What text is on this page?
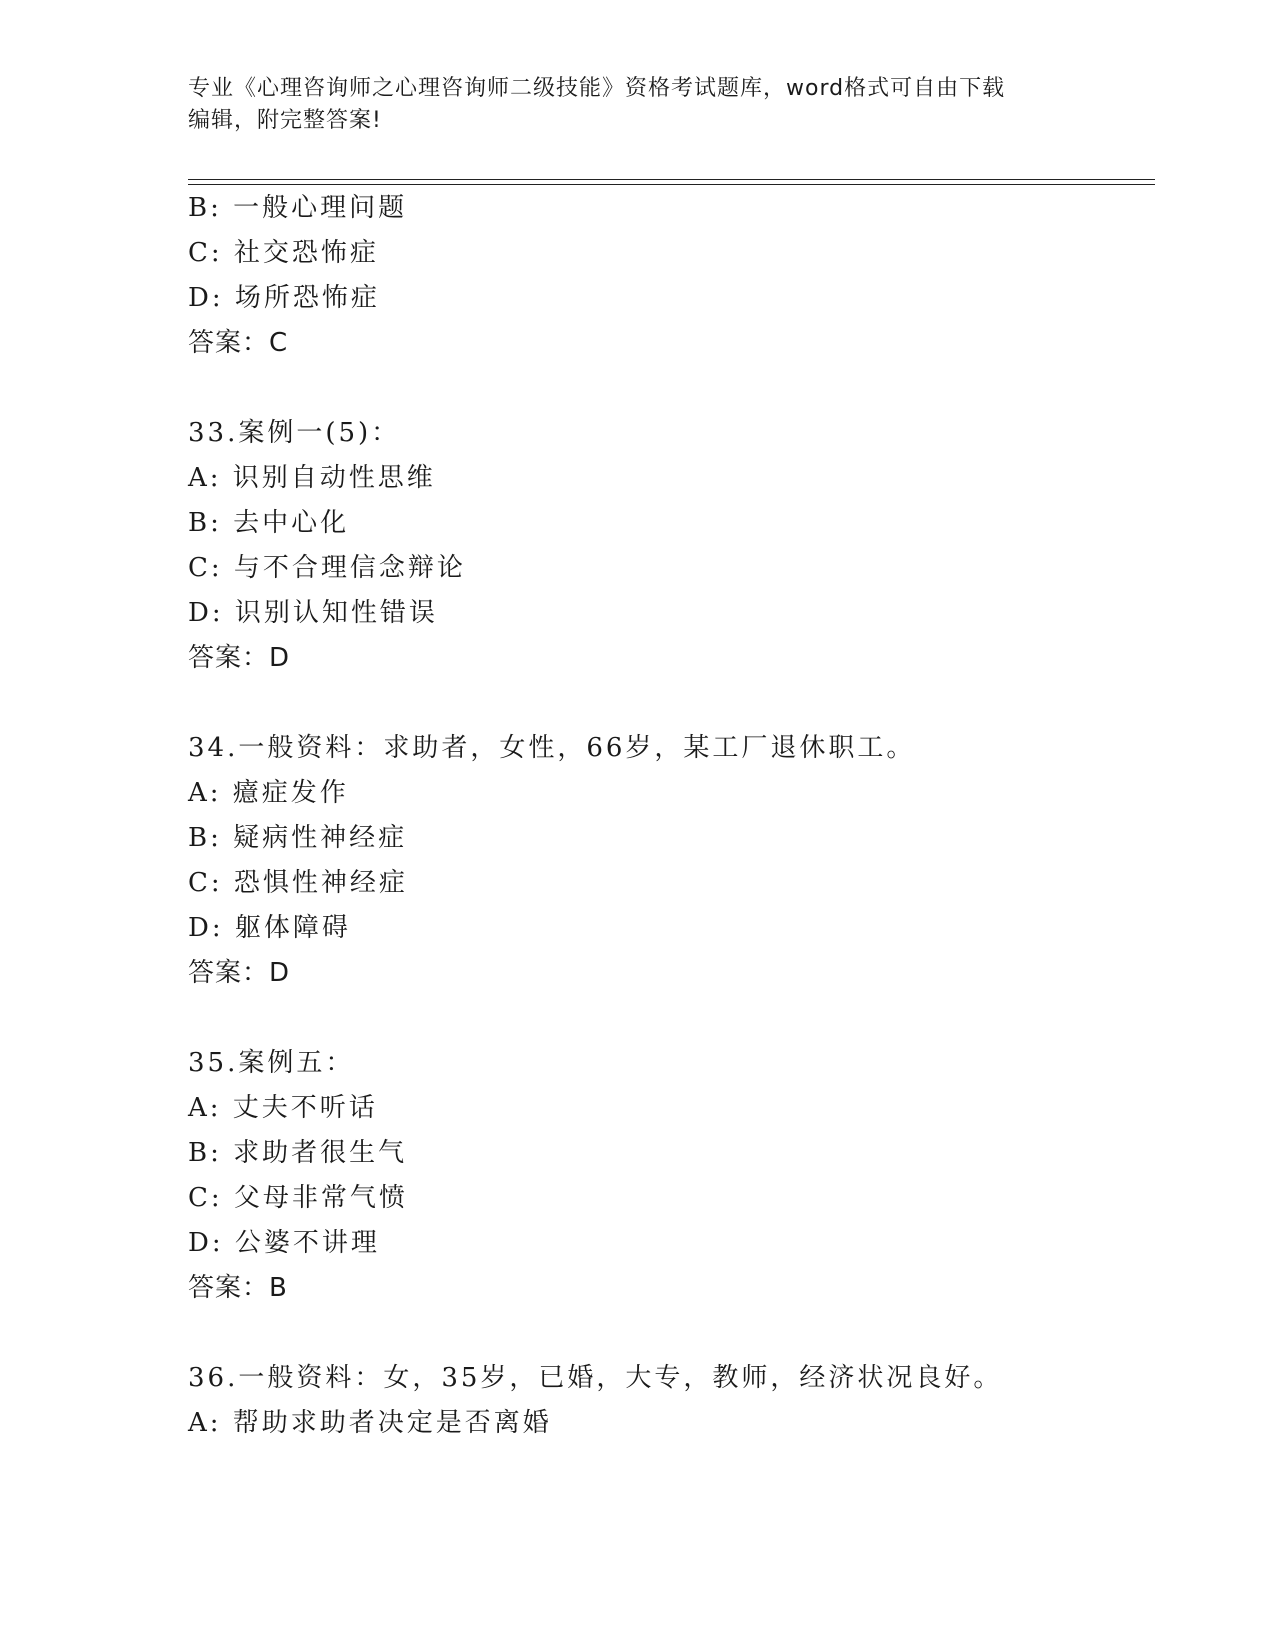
专业《心理咨询师之心理咨询师二级技能》资格考试题库，word格式可自由下载
编辑，附完整答案!
B: 一般心理问题
C: 社交恐怖症
D: 场所恐怖症
答案：C
33.案例一(5)：
A: 识别自动性思维
B: 去中心化
C: 与不合理信念辩论
D: 识别认知性错误
答案：D
34.一般资料：求助者，女性，66岁，某工厂退休职工。
A: 癔症发作
B: 疑病性神经症
C: 恐惧性神经症
D: 躯体障碍
答案：D
35.案例五：
A: 丈夫不听话
B: 求助者很生气
C: 父母非常气愤
D: 公婆不讲理
答案：B
36.一般资料：女，35岁，已婚，大专，教师，经济状况良好。
A: 帮助求助者决定是否离婚
